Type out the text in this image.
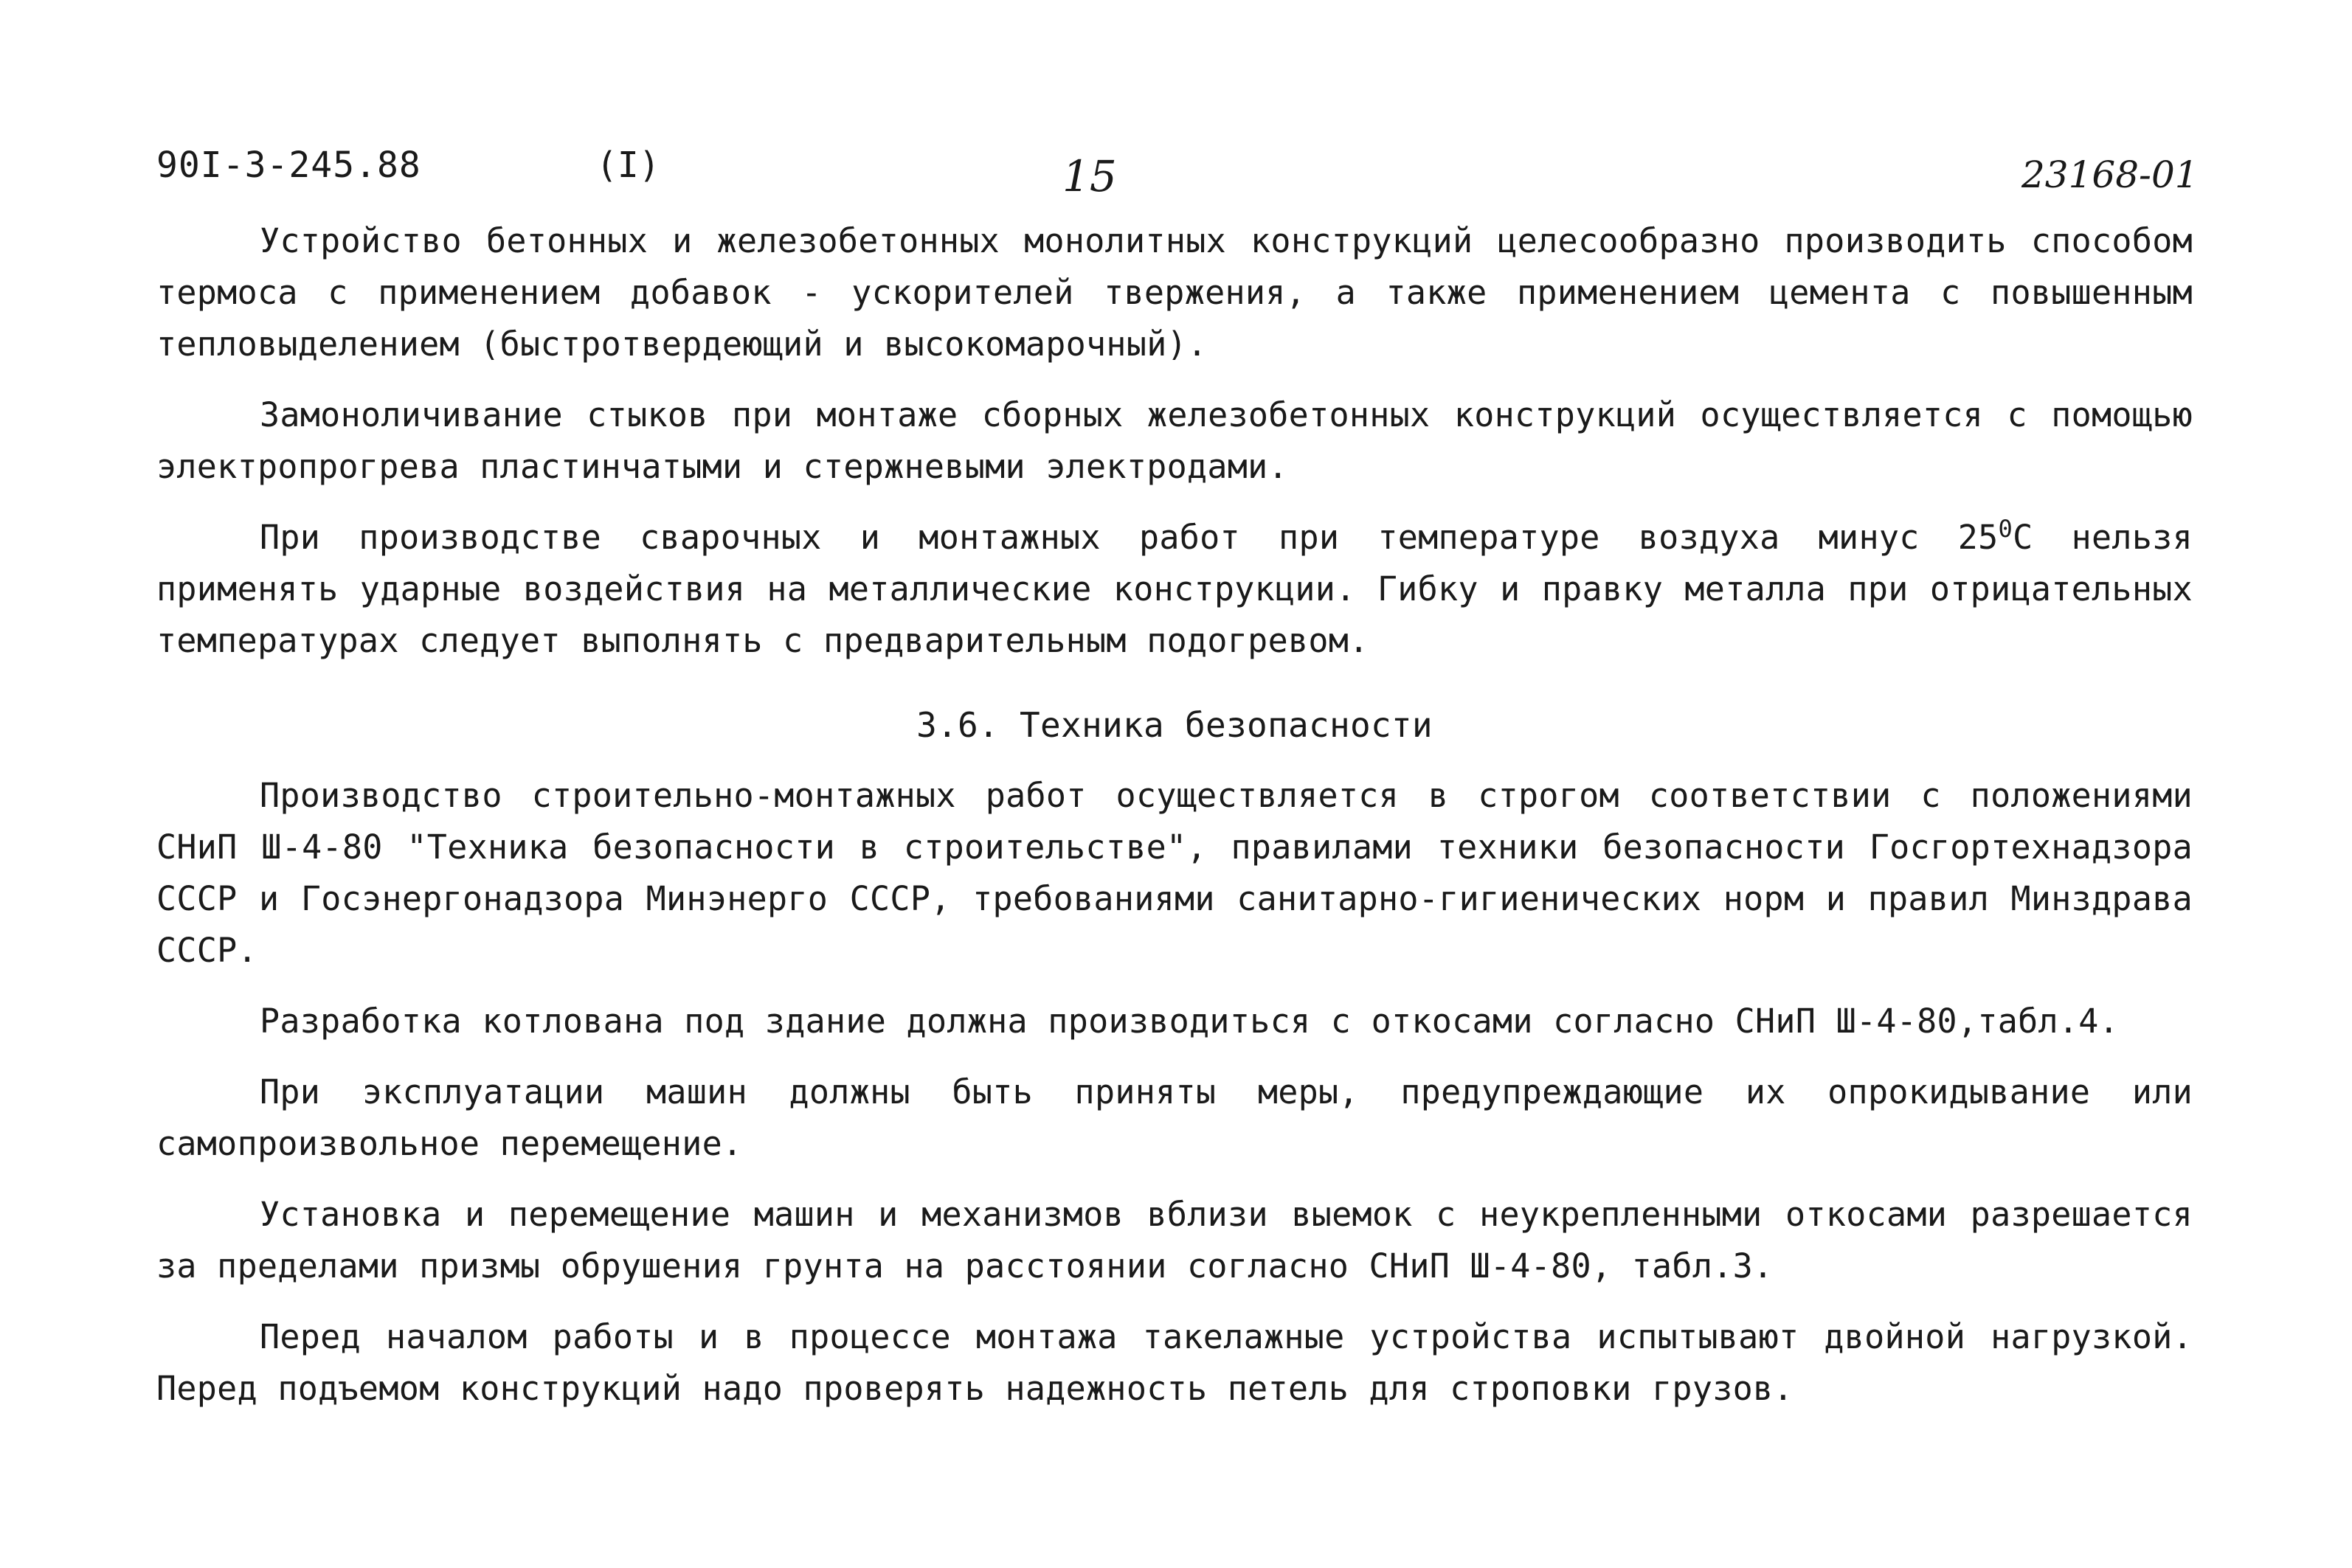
90I-3-245.88	(I)	15	23168-01

Устройство бетонных и железобетонных монолитных конструкций целесообразно производить способом термоса с применением добавок - ускорителей твержения, а также применением цемента с повышенным тепловыделением (быстротвердеющий и высокомарочный).

Замоноличивание стыков при монтаже сборных железобетонных конструкций осуществляется с помощью электропрогрева пластинчатыми и стержневыми электродами.

При производстве сварочных и монтажных работ при температуре воздуха минус $25^0С$ нельзя применять ударные воздействия на металлические конструкции. Гибку и правку металла при отрицательных температурах следует выполнять с предварительным подогревом.

3.6. Техника безопасности

Производство строительно-монтажных работ осуществляется в строгом соответствии с положениями СНиП Ш-4-80 "Техника безопасности в строительстве", правилами техники безопасности Госгортехнадзора СССР и Госэнергонадзора Минэнерго СССР, требованиями санитарно-гигиенических норм и правил Минздрава СССР.

Разработка котлована под здание должна производиться с откосами согласно СНиП Ш-4-80,табл.4.

При эксплуатации машин должны быть приняты меры, предупреждающие их опрокидывание или самопроизвольное перемещение.

Установка и перемещение машин и механизмов вблизи выемок с неукрепленными откосами разрешается за пределами призмы обрушения грунта на расстоянии согласно СНиП Ш-4-80, табл.3.

Перед началом работы и в процессе монтажа такелажные устройства испытывают двойной нагрузкой. Перед подъемом конструкций надо проверять надежность петель для строповки грузов.
